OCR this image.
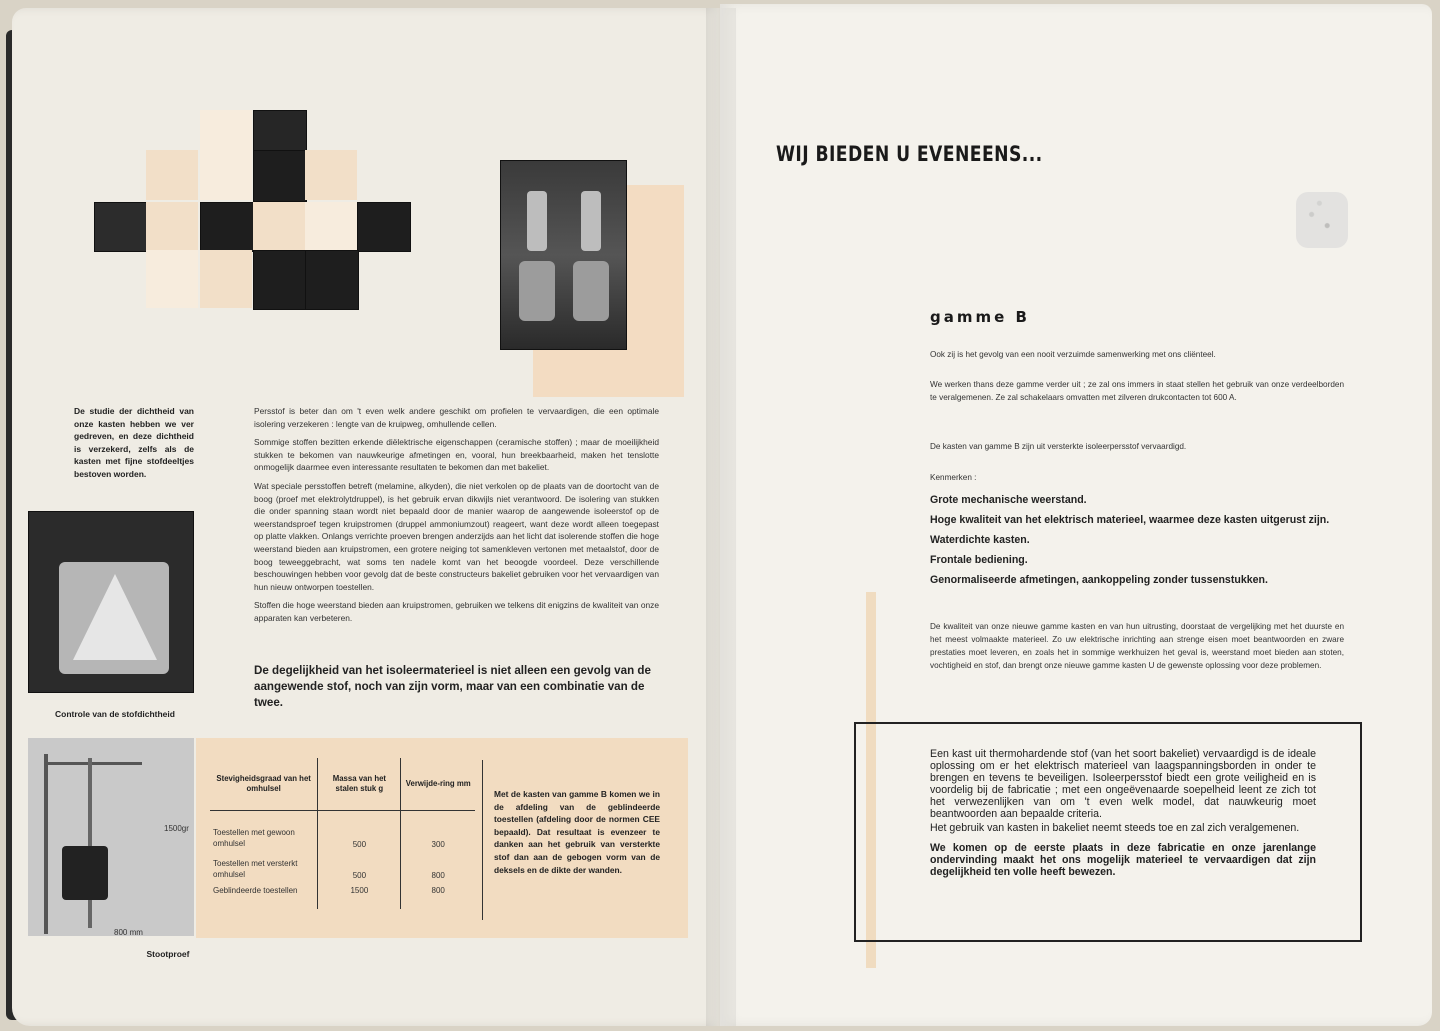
De studie der dichtheid van onze kasten hebben we ver gedreven, en deze dichtheid is verzekerd, zelfs als de kasten met fijne stofdeeltjes bestoven worden.
Controle van de stofdichtheid

Persstof is beter dan om 't even welk andere geschikt om profielen te vervaardigen, die een optimale isolering verzekeren : lengte van de kruipweg, omhullende cellen.

Sommige stoffen bezitten erkende diëlektrische eigenschappen (ceramische stoffen) ; maar de moeilijkheid stukken te bekomen van nauwkeurige afmetingen en, vooral, hun breekbaarheid, maken het tenslotte onmogelijk daarmee even interessante resultaten te bekomen dan met bakeliet.

Wat speciale persstoffen betreft (melamine, alkyden), die niet verkolen op de plaats van de doortocht van de boog (proef met elektrolytdruppel), is het gebruik ervan dikwijls niet verantwoord. De isolering van stukken die onder spanning staan wordt niet bepaald door de manier waarop de aangewende isoleerstof op de weerstandsproef tegen kruipstromen (druppel ammoniumzout) reageert, want deze wordt alleen toegepast op platte vlakken. Onlangs verrichte proeven brengen anderzijds aan het licht dat isolerende stoffen die hoge weerstand bieden aan kruipstromen, een grotere neiging tot samenkleven vertonen met metaalstof, door de boog teweeggebracht, wat soms ten nadele komt van het beoogde voordeel. Deze verschillende beschouwingen hebben voor gevolg dat de beste constructeurs bakeliet gebruiken voor het vervaardigen van hun nieuw ontworpen toestellen.

Stoffen die hoge weerstand bieden aan kruipstromen, gebruiken we telkens dit enigzins de kwaliteit van onze apparaten kan verbeteren.

De degelijkheid van het isoleermaterieel is niet alleen een gevolg van de aangewende stof, noch van zijn vorm, maar van een combinatie van de twee.
1500gr
800 mm
Stootproef
Stevigheidsgraad van het omhulsel	Massa van het stalen stuk g	Verwijde-ring mm
Toestellen met gewoon omhulsel	500	300
Toestellen met versterkt omhulsel	500	800
Geblindeerde toestellen	1500	800
Met de kasten van gamme B komen we in de afdeling van de geblindeerde toestellen (afdeling door de normen CEE bepaald). Dat resultaat is evenzeer te danken aan het gebruik van versterkte stof dan aan de gebogen vorm van de deksels en de dikte der wanden.
WIJ BIEDEN U EVENEENS...
gamme B
Ook zij is het gevolg van een nooit verzuimde samenwerking met ons cliënteel.
We werken thans deze gamme verder uit ; ze zal ons immers in staat stellen het gebruik van onze verdeelborden te veralgemenen. Ze zal schakelaars omvatten met zilveren drukcontacten tot 600 A.
De kasten van gamme B zijn uit versterkte isoleerpersstof vervaardigd.
Kenmerken :
Grote mechanische weerstand.
Hoge kwaliteit van het elektrisch materieel, waarmee deze kasten uitgerust zijn.
Waterdichte kasten.
Frontale bediening.
Genormaliseerde afmetingen, aankoppeling zonder tussenstukken.
De kwaliteit van onze nieuwe gamme kasten en van hun uitrusting, doorstaat de vergelijking met het duurste en het meest volmaakte materieel. Zo uw elektrische inrichting aan strenge eisen moet beantwoorden en zware prestaties moet leveren, en zoals het in sommige werkhuizen het geval is, weerstand moet bieden aan stoten, vochtigheid en stof, dan brengt onze nieuwe gamme kasten U de gewenste oplossing voor deze problemen.
Een kast uit thermohardende stof (van het soort bakeliet) vervaardigd is de ideale oplossing om er het elektrisch materieel van laagspanningsborden in onder te brengen en tevens te beveiligen. Isoleerpersstof biedt een grote veiligheid en is voordelig bij de fabricatie ; met een ongeëvenaarde soepelheid leent ze zich tot het verwezenlijken van om 't even welk model, dat nauwkeurig moet beantwoorden aan bepaalde criteria.
Het gebruik van kasten in bakeliet neemt steeds toe en zal zich veralgemenen.
We komen op de eerste plaats in deze fabricatie en onze jarenlange ondervinding maakt het ons mogelijk materieel te vervaardigen dat zijn degelijkheid ten volle heeft bewezen.
